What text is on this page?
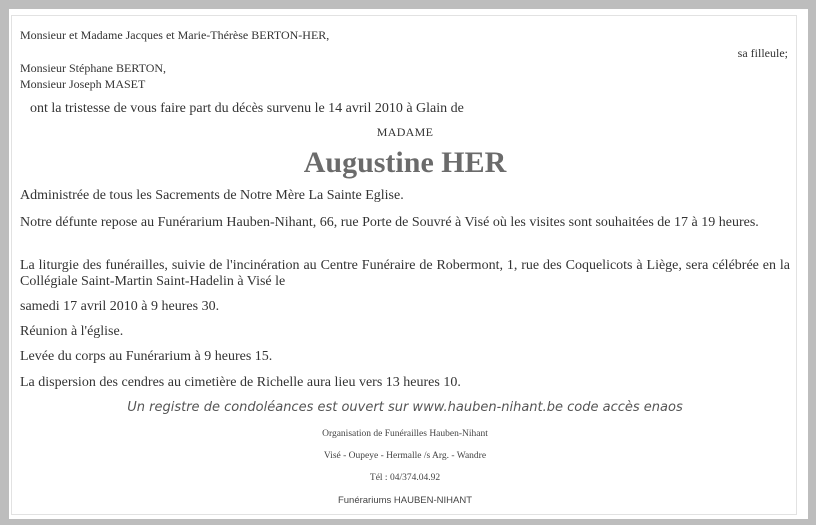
Monsieur et Madame Jacques et Marie-Thérèse BERTON-HER,
sa filleule;
Monsieur Stéphane BERTON,
Monsieur Joseph MASET
ont la tristesse de vous faire part du décès survenu le 14 avril 2010 à Glain de
MADAME
Augustine HER
Administrée de tous les Sacrements de Notre Mère La Sainte Eglise.
Notre défunte repose au Funérarium Hauben-Nihant, 66, rue Porte de Souvré à Visé où les visites sont souhaitées de 17 à 19 heures.
La liturgie des funérailles, suivie de l'incinération au Centre Funéraire de Robermont, 1, rue des Coquelicots à Liège, sera célébrée en la Collégiale Saint-Martin Saint-Hadelin à Visé le
samedi 17 avril 2010 à 9 heures 30.
Réunion à l'église.
Levée du corps au Funérarium à 9 heures 15.
La dispersion des cendres au cimetière de Richelle aura lieu vers 13 heures 10.
Un registre de condoléances est ouvert sur www.hauben-nihant.be code accès enaos
Organisation de Funérailles Hauben-Nihant
Visé - Oupeye - Hermalle /s Arg. - Wandre
Tél : 04/374.04.92
Funérariums HAUBEN-NIHANT
